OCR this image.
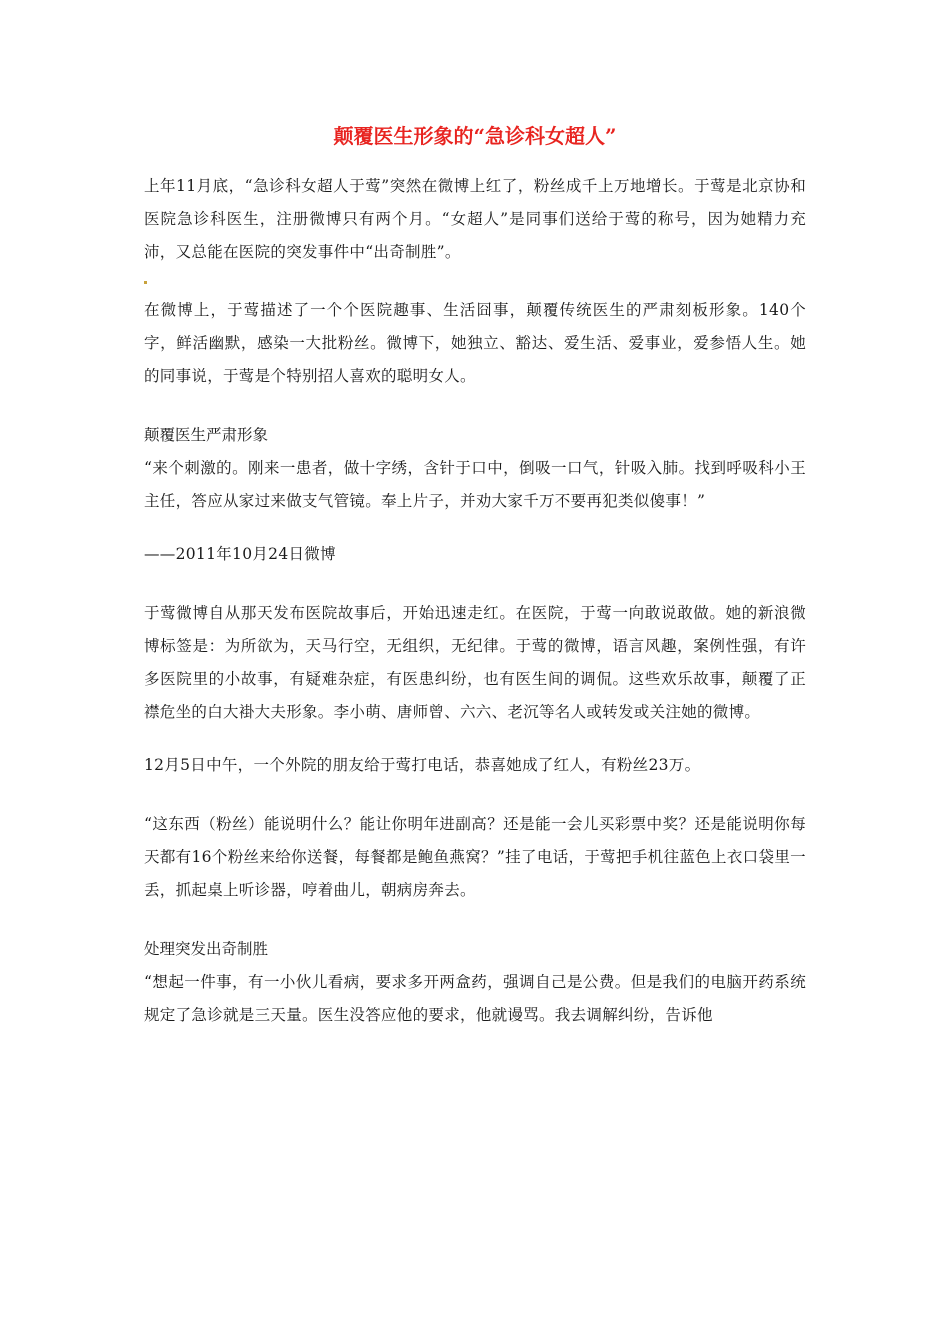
颠覆医生形象的“急诊科女超人”

上年11月底，“急诊科女超人于莺”突然在微博上红了，粉丝成千上万地增长。于莺是北京协和医院急诊科医生，注册微博只有两个月。“女超人”是同事们送给于莺的称号，因为她精力充沛，又总能在医院的突发事件中“出奇制胜”。

在微博上，于莺描述了一个个医院趣事、生活囧事，颠覆传统医生的严肃刻板形象。140个字，鲜活幽默，感染一大批粉丝。微博下，她独立、豁达、爱生活、爱事业，爱参悟人生。她的同事说，于莺是个特别招人喜欢的聪明女人。

颠覆医生严肃形象

“来个刺激的。刚来一患者，做十字绣，含针于口中，倒吸一口气，针吸入肺。找到呼吸科小王主任，答应从家过来做支气管镜。奉上片子，并劝大家千万不要再犯类似傻事！”

——2011年10月24日微博

于莺微博自从那天发布医院故事后，开始迅速走红。在医院，于莺一向敢说敢做。她的新浪微博标签是：为所欲为，天马行空，无组织，无纪律。于莺的微博，语言风趣，案例性强，有许多医院里的小故事，有疑难杂症，有医患纠纷，也有医生间的调侃。这些欢乐故事，颠覆了正襟危坐的白大褂大夫形象。李小萌、唐师曾、六六、老沉等名人或转发或关注她的微博。

12月5日中午，一个外院的朋友给于莺打电话，恭喜她成了红人，有粉丝23万。

“这东西（粉丝）能说明什么？能让你明年进副高？还是能一会儿买彩票中奖？还是能说明你每天都有16个粉丝来给你送餐，每餐都是鲍鱼燕窝？”挂了电话，于莺把手机往蓝色上衣口袋里一丢，抓起桌上听诊器，哼着曲儿，朝病房奔去。

处理突发出奇制胜

“想起一件事，有一小伙儿看病，要求多开两盒药，强调自己是公费。但是我们的电脑开药系统规定了急诊就是三天量。医生没答应他的要求，他就谩骂。我去调解纠纷，告诉他
